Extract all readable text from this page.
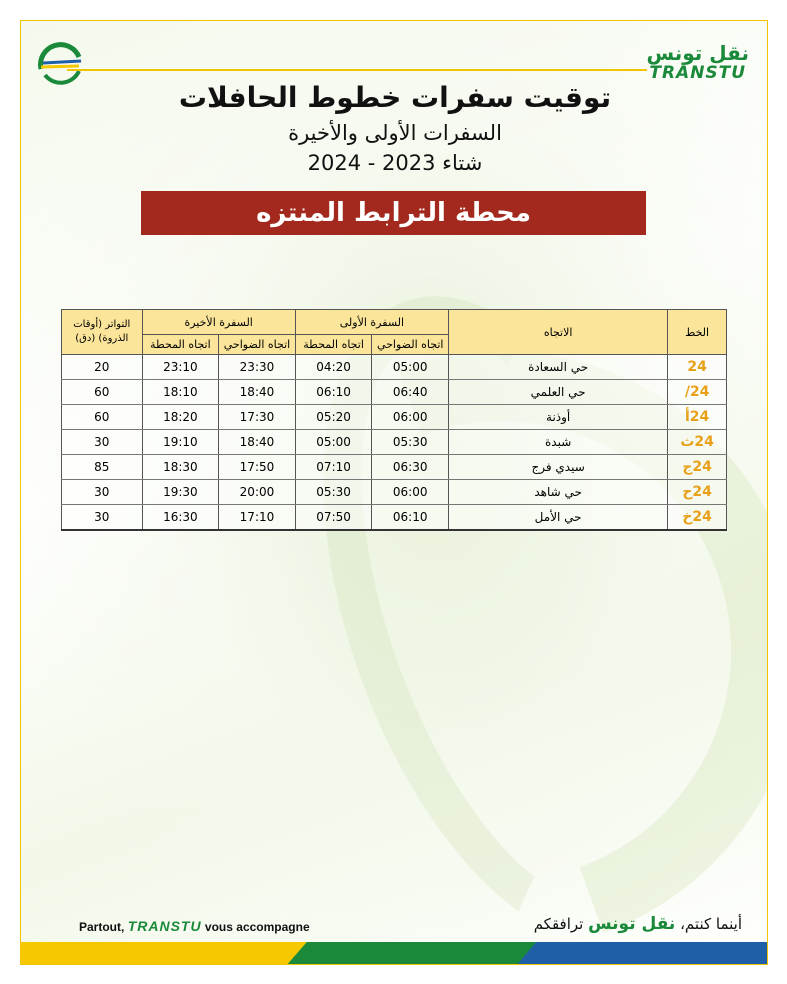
نقل تونس
TRANSTU
توقيت سفرات خطوط الحافلات
السفرات الأولى والأخيرة
شتاء 2023 - 2024
محطة الترابط المنتزه
الخط	الاتجاه	السفرة الأولى		السفرة الأخيرة		التواتر (أوقات الذروة) (دق)
		اتجاه الضواحي	اتجاه المحطة	اتجاه الضواحي	اتجاه المحطة	
24	حي السعادة	05:00	04:20	23:30	23:10	20
24/	حي العلمي	06:40	06:10	18:40	18:10	60
24أ	أوذنة	06:00	05:20	17:30	18:20	60
24ث	شبدة	05:30	05:00	18:40	19:10	30
24ج	سيدي فرج	06:30	07:10	17:50	18:30	85
24ح	حي شاهد	06:00	05:30	20:00	19:30	30
24خ	حي الأمل	06:10	07:50	17:10	16:30	30
Partout, TRANSTU vous accompagne	أينما كنتم، نقل تونس ترافقكم
